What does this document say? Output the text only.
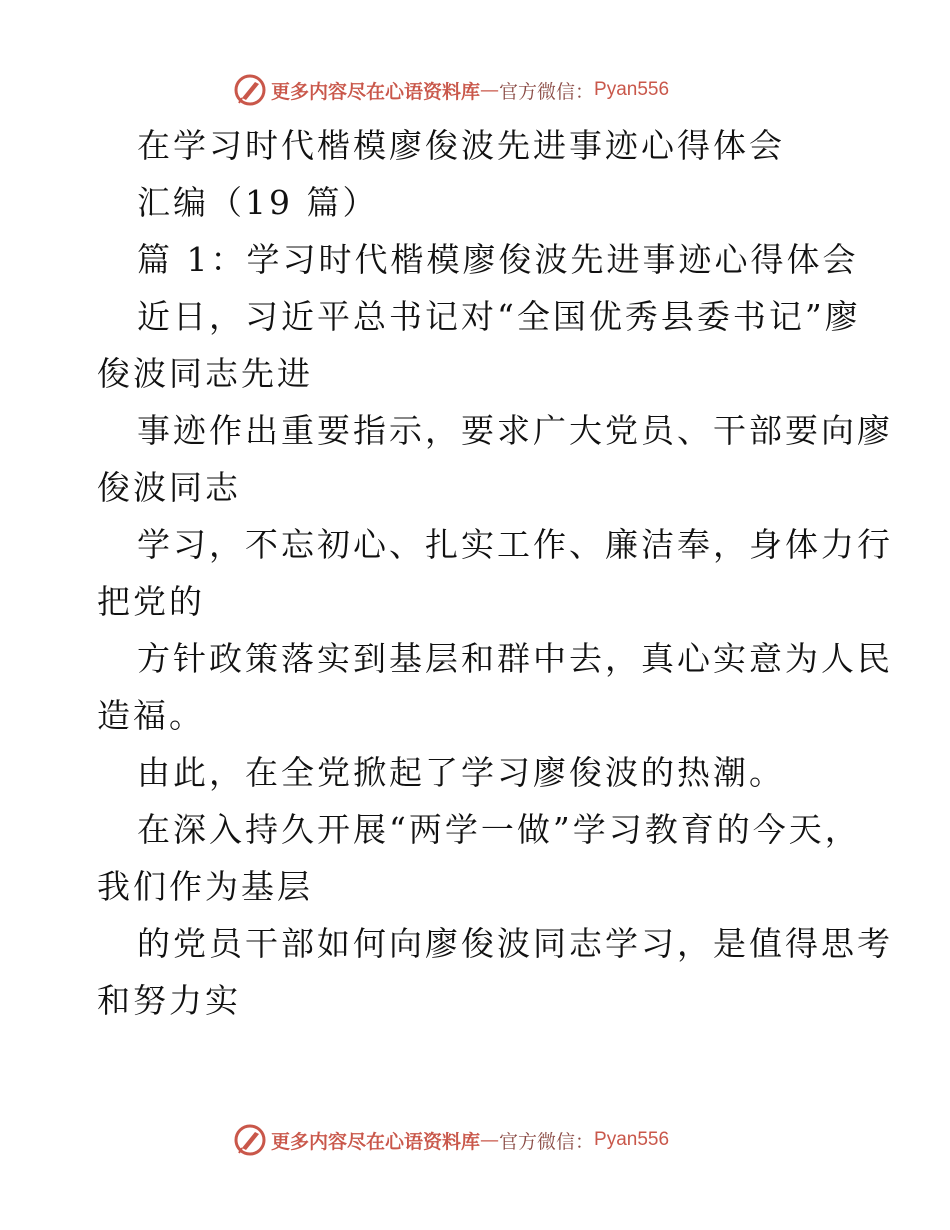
更多内容尽在心语资料库 — 官方微信： Pyan556
在学习时代楷模廖俊波先进事迹心得体会
汇编（19 篇）
篇 1：学习时代楷模廖俊波先进事迹心得体会
近日，习近平总书记对“全国优秀县委书记”廖
俊波同志先进
事迹作出重要指示，要求广大党员、干部要向廖
俊波同志
学习，不忘初心、扎实工作、廉洁奉，身体力行
把党的
方针政策落实到基层和群中去，真心实意为人民
造福。
由此，在全党掀起了学习廖俊波的热潮。
在深入持久开展“两学一做”学习教育的今天，
我们作为基层
的党员干部如何向廖俊波同志学习，是值得思考
和努力实
更多内容尽在心语资料库 — 官方微信： Pyan556
